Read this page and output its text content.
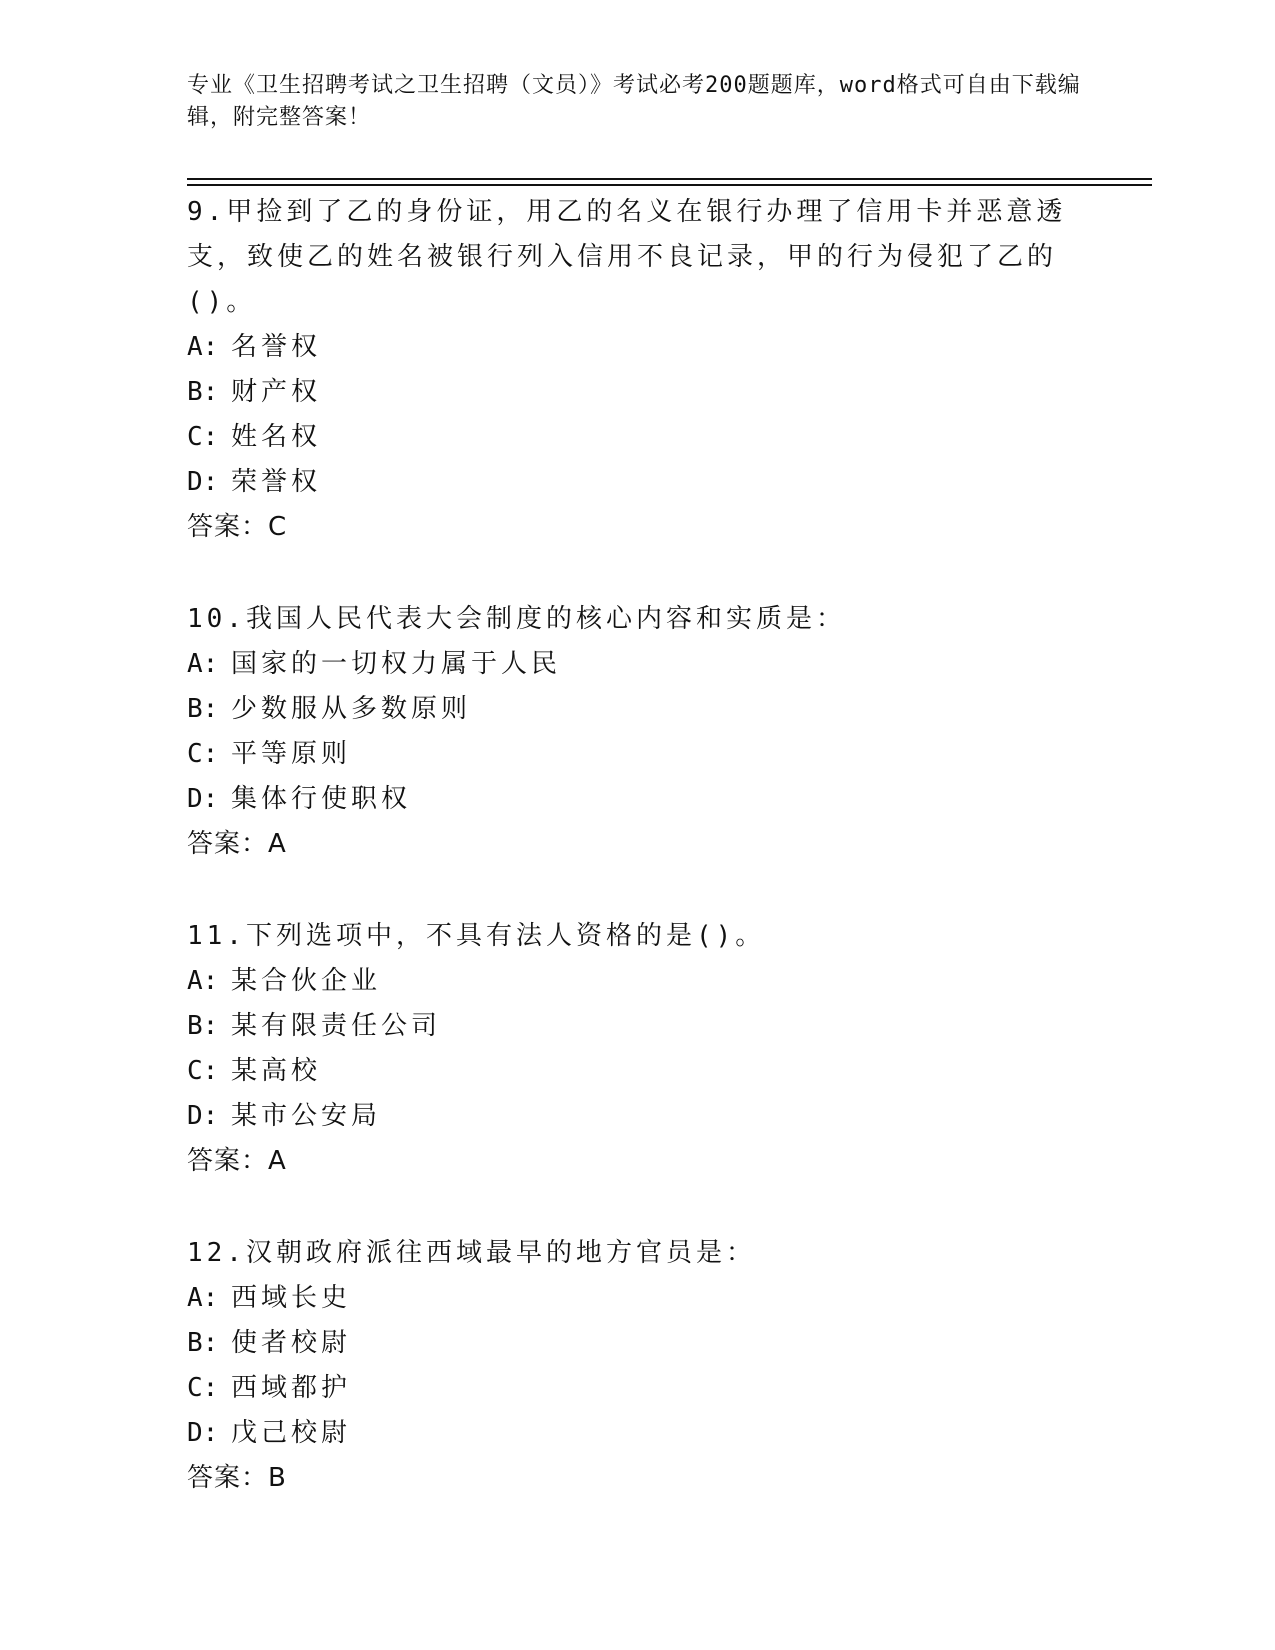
专业《卫生招聘考试之卫生招聘（文员）》考试必考200题题库，word格式可自由下载编辑，附完整答案！
9.甲捡到了乙的身份证，用乙的名义在银行办理了信用卡并恶意透支，致使乙的姓名被银行列入信用不良记录，甲的行为侵犯了乙的()。
A: 名誉权
B: 财产权
C: 姓名权
D: 荣誉权
答案：C
10.我国人民代表大会制度的核心内容和实质是：
A: 国家的一切权力属于人民
B: 少数服从多数原则
C: 平等原则
D: 集体行使职权
答案：A
11.下列选项中，不具有法人资格的是()。
A: 某合伙企业
B: 某有限责任公司
C: 某高校
D: 某市公安局
答案：A
12.汉朝政府派往西域最早的地方官员是：
A: 西域长史
B: 使者校尉
C: 西域都护
D: 戊己校尉
答案：B
